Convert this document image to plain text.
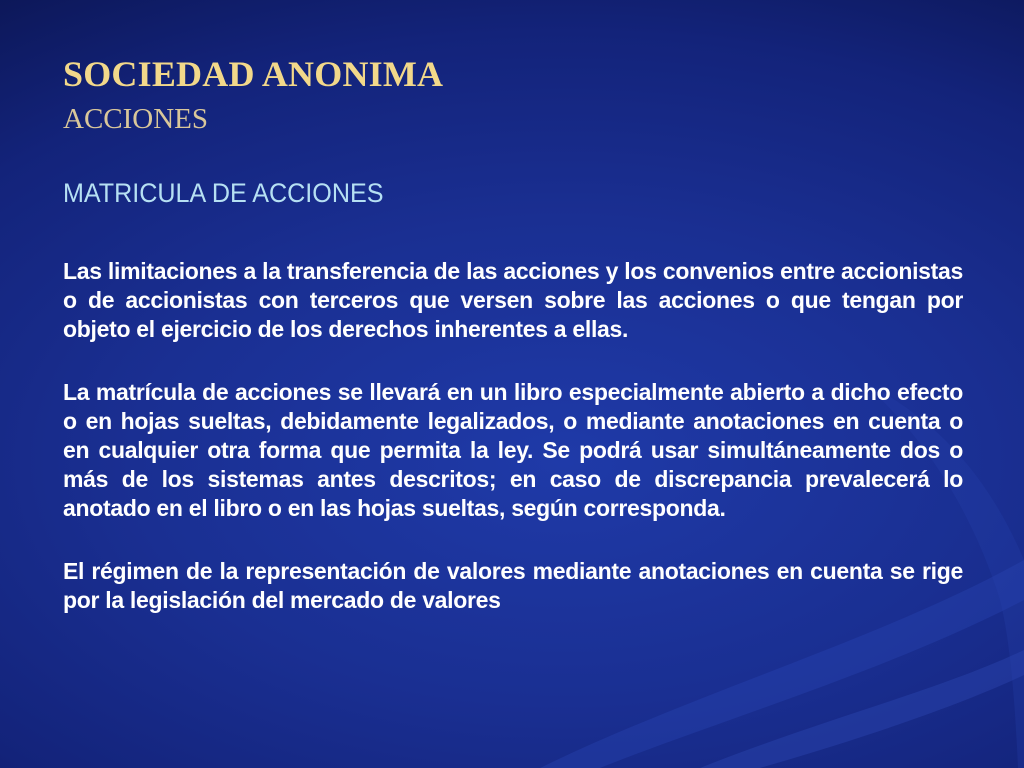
SOCIEDAD ANONIMA
ACCIONES
MATRICULA DE ACCIONES

Las limitaciones a la transferencia de las acciones y los convenios entre accionistas o de accionistas con terceros que versen sobre las acciones o que tengan por objeto el ejercicio de los derechos inherentes a ellas.

La matrícula de acciones se llevará en un libro especialmente abierto a dicho efecto o en hojas sueltas, debidamente legalizados, o mediante anotaciones en cuenta o en cualquier otra forma que permita la ley. Se podrá usar simultáneamente dos o más de los sistemas antes descritos; en caso de discrepancia prevalecerá lo anotado en el libro o en las hojas sueltas, según corresponda.

El régimen de la representación de valores mediante anotaciones en cuenta se rige por la legislación del mercado de valores
